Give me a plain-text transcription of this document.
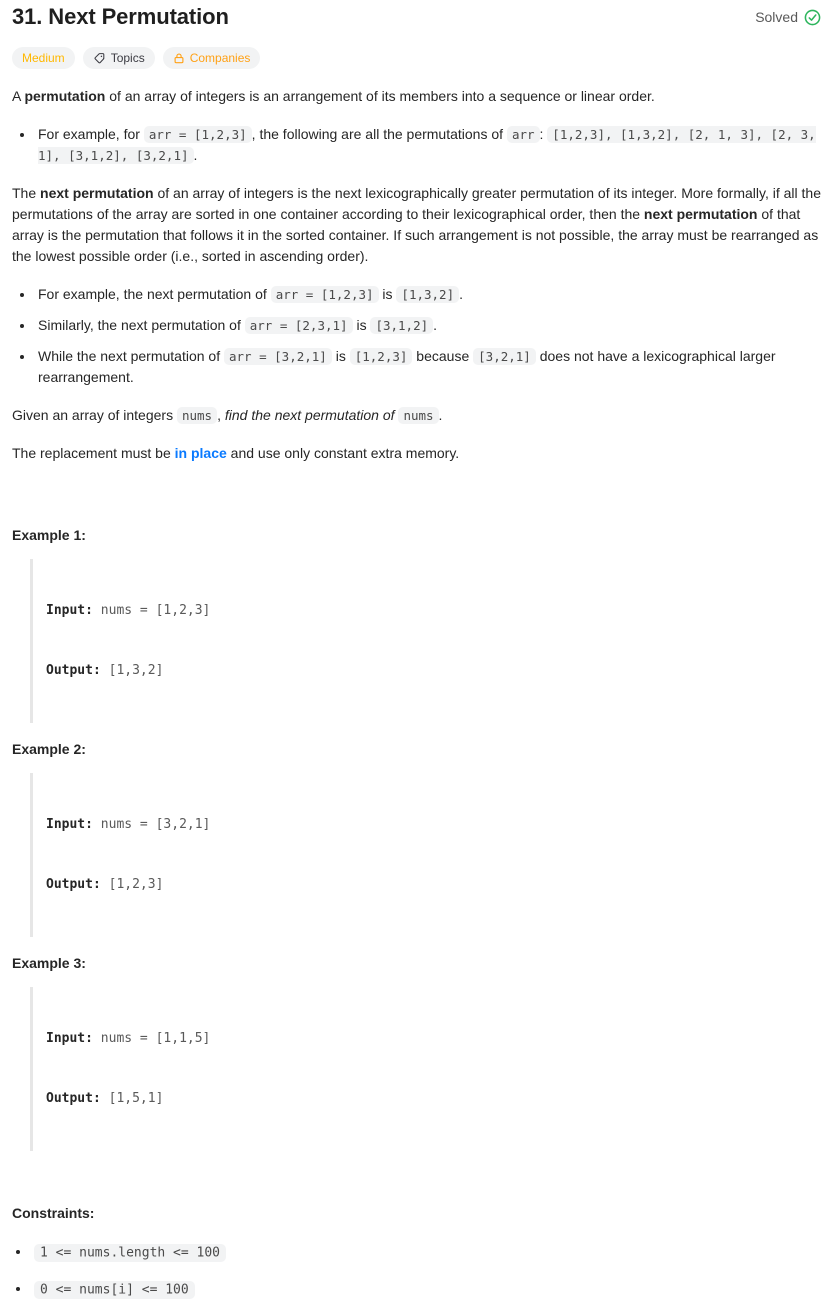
31. Next Permutation	Solved
Medium	Topics	Companies

A permutation of an array of integers is an arrangement of its members into a sequence or linear order.

• For example, for arr = [1,2,3] , the following are all the permutations of arr : [1,2,3], [1,3,2], [2, 1, 3], [2, 3, 1], [3,1,2], [3,2,1] .

The next permutation of an array of integers is the next lexicographically greater permutation of its integer. More formally, if all the permutations of the array are sorted in one container according to their lexicographical order, then the next permutation of that array is the permutation that follows it in the sorted container. If such arrangement is not possible, the array must be rearranged as the lowest possible order (i.e., sorted in ascending order).

• For example, the next permutation of arr = [1,2,3] is [1,3,2] .
• Similarly, the next permutation of arr = [2,3,1] is [3,1,2] .
• While the next permutation of arr = [3,2,1] is [1,2,3] because [3,2,1] does not have a lexicographical larger rearrangement.

Given an array of integers nums , find the next permutation of nums .

The replacement must be in place and use only constant extra memory.

Example 1:

Input: nums = [1,2,3]

Output: [1,3,2]

Example 2:

Input: nums = [3,2,1]

Output: [1,2,3]

Example 3:

Input: nums = [1,1,5]

Output: [1,5,1]

Constraints:

• 1 <= nums.length <= 100
• 0 <= nums[i] <= 100
